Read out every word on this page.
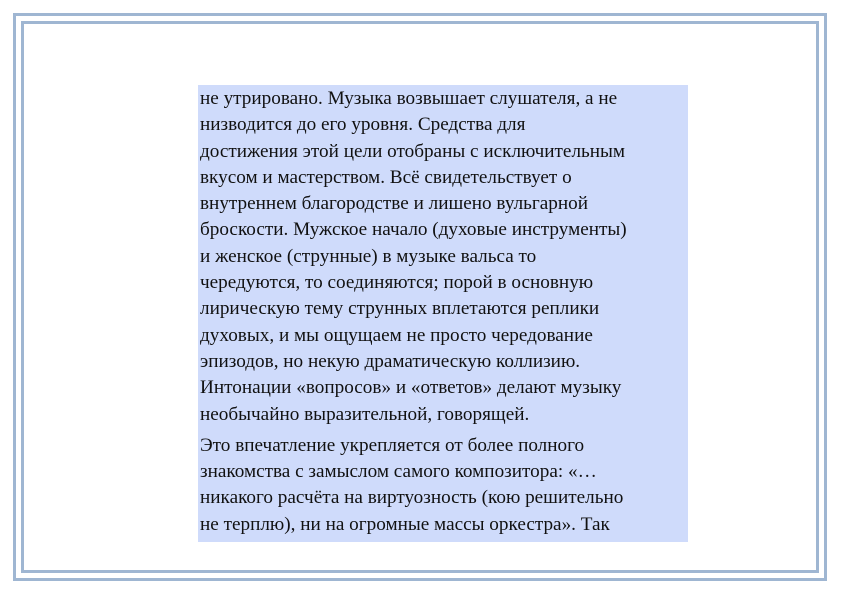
не утрировано. Музыка возвышает слушателя, а не
низводится до его уровня. Средства для
достижения этой цели отобраны с исключительным
вкусом и мастерством. Всё свидетельствует о
внутреннем благородстве и лишено вульгарной
броскости. Мужское начало (духовые инструменты)
и женское (струнные) в музыке вальса то
чередуются, то соединяются; порой в основную
лирическую тему струнных вплетаются реплики
духовых, и мы ощущаем не просто чередование
эпизодов, но некую драматическую коллизию.
Интонации «вопросов» и «ответов» делают музыку
необычайно выразительной, говорящей.

Это впечатление укрепляется от более полного
знакомства с замыслом самого композитора: «…
никакого расчёта на виртуозность (кою решительно
не терплю), ни на огромные массы оркестра». Так
